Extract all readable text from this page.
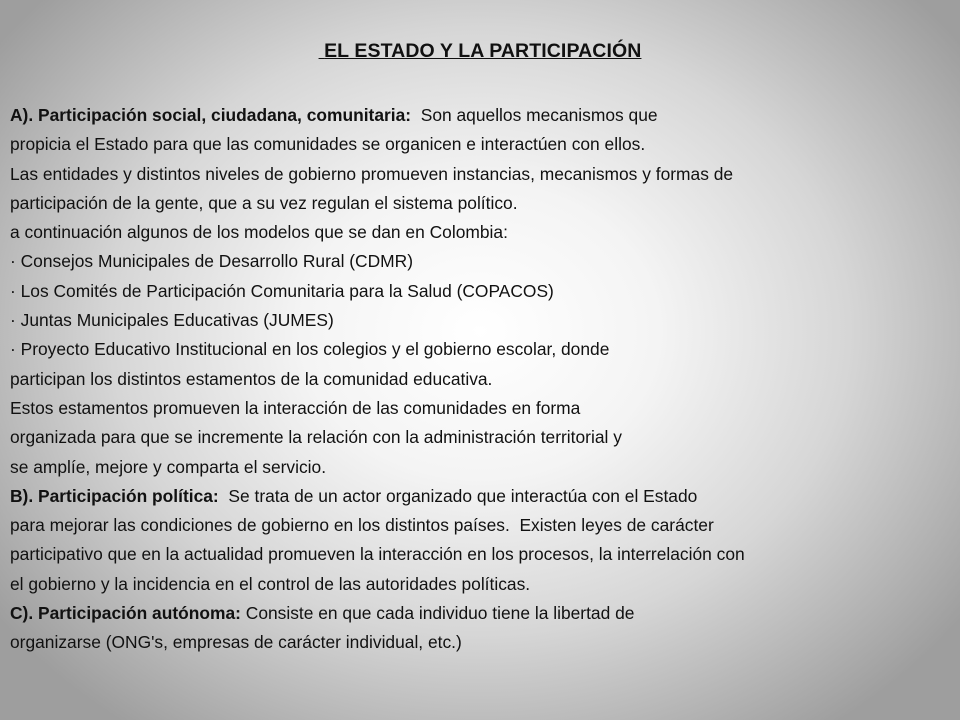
EL ESTADO Y LA PARTICIPACIÓN
A). Participación social, ciudadana, comunitaria:  Son aquellos mecanismos que
propicia el Estado para que las comunidades se organicen e interactúen con ellos.
Las entidades y distintos niveles de gobierno promueven instancias, mecanismos y formas de
participación de la gente, que a su vez regulan el sistema político.
a continuación algunos de los modelos que se dan en Colombia:
· Consejos Municipales de Desarrollo Rural (CDMR)
· Los Comités de Participación Comunitaria para la Salud (COPACOS)
· Juntas Municipales Educativas (JUMES)
· Proyecto Educativo Institucional en los colegios y el gobierno escolar, donde
participan los distintos estamentos de la comunidad educativa.
Estos estamentos promueven la interacción de las comunidades en forma
organizada para que se incremente la relación con la administración territorial y
se amplíe, mejore y comparta el servicio.
B). Participación política:  Se trata de un actor organizado que interactúa con el Estado
para mejorar las condiciones de gobierno en los distintos países.  Existen leyes de carácter
participativo que en la actualidad promueven la interacción en los procesos, la interrelación con
el gobierno y la incidencia en el control de las autoridades políticas.
C). Participación autónoma: Consiste en que cada individuo tiene la libertad de
organizarse (ONG's, empresas de carácter individual, etc.)
